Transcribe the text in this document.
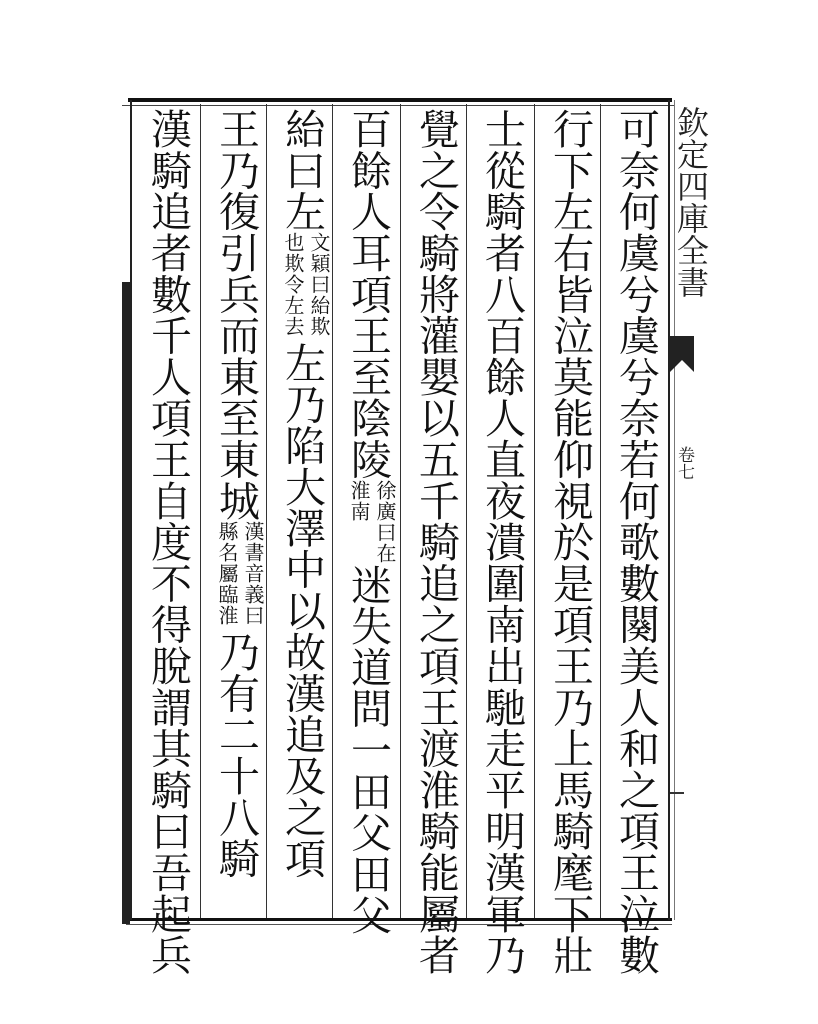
欽定四庫全書
卷七
可奈何虞兮虞兮奈若何歌數闋美人和之項王泣數
行下左右皆泣莫能仰視於是項王乃上馬騎麾下壯
士從騎者八百餘人直夜潰圍南出馳走平明漢軍乃
覺之令騎將灌嬰以五千騎追之項王渡淮騎能屬者
百餘人耳項王至陰陵徐廣曰在淮南迷失道問一田父田父
紿曰左文穎曰紿欺也欺令左去左乃陷大澤中以故漢追及之項
王乃復引兵而東至東城漢書音義曰縣名屬臨淮乃有二十八騎
漢騎追者數千人項王自度不得脫謂其騎曰吾起兵
